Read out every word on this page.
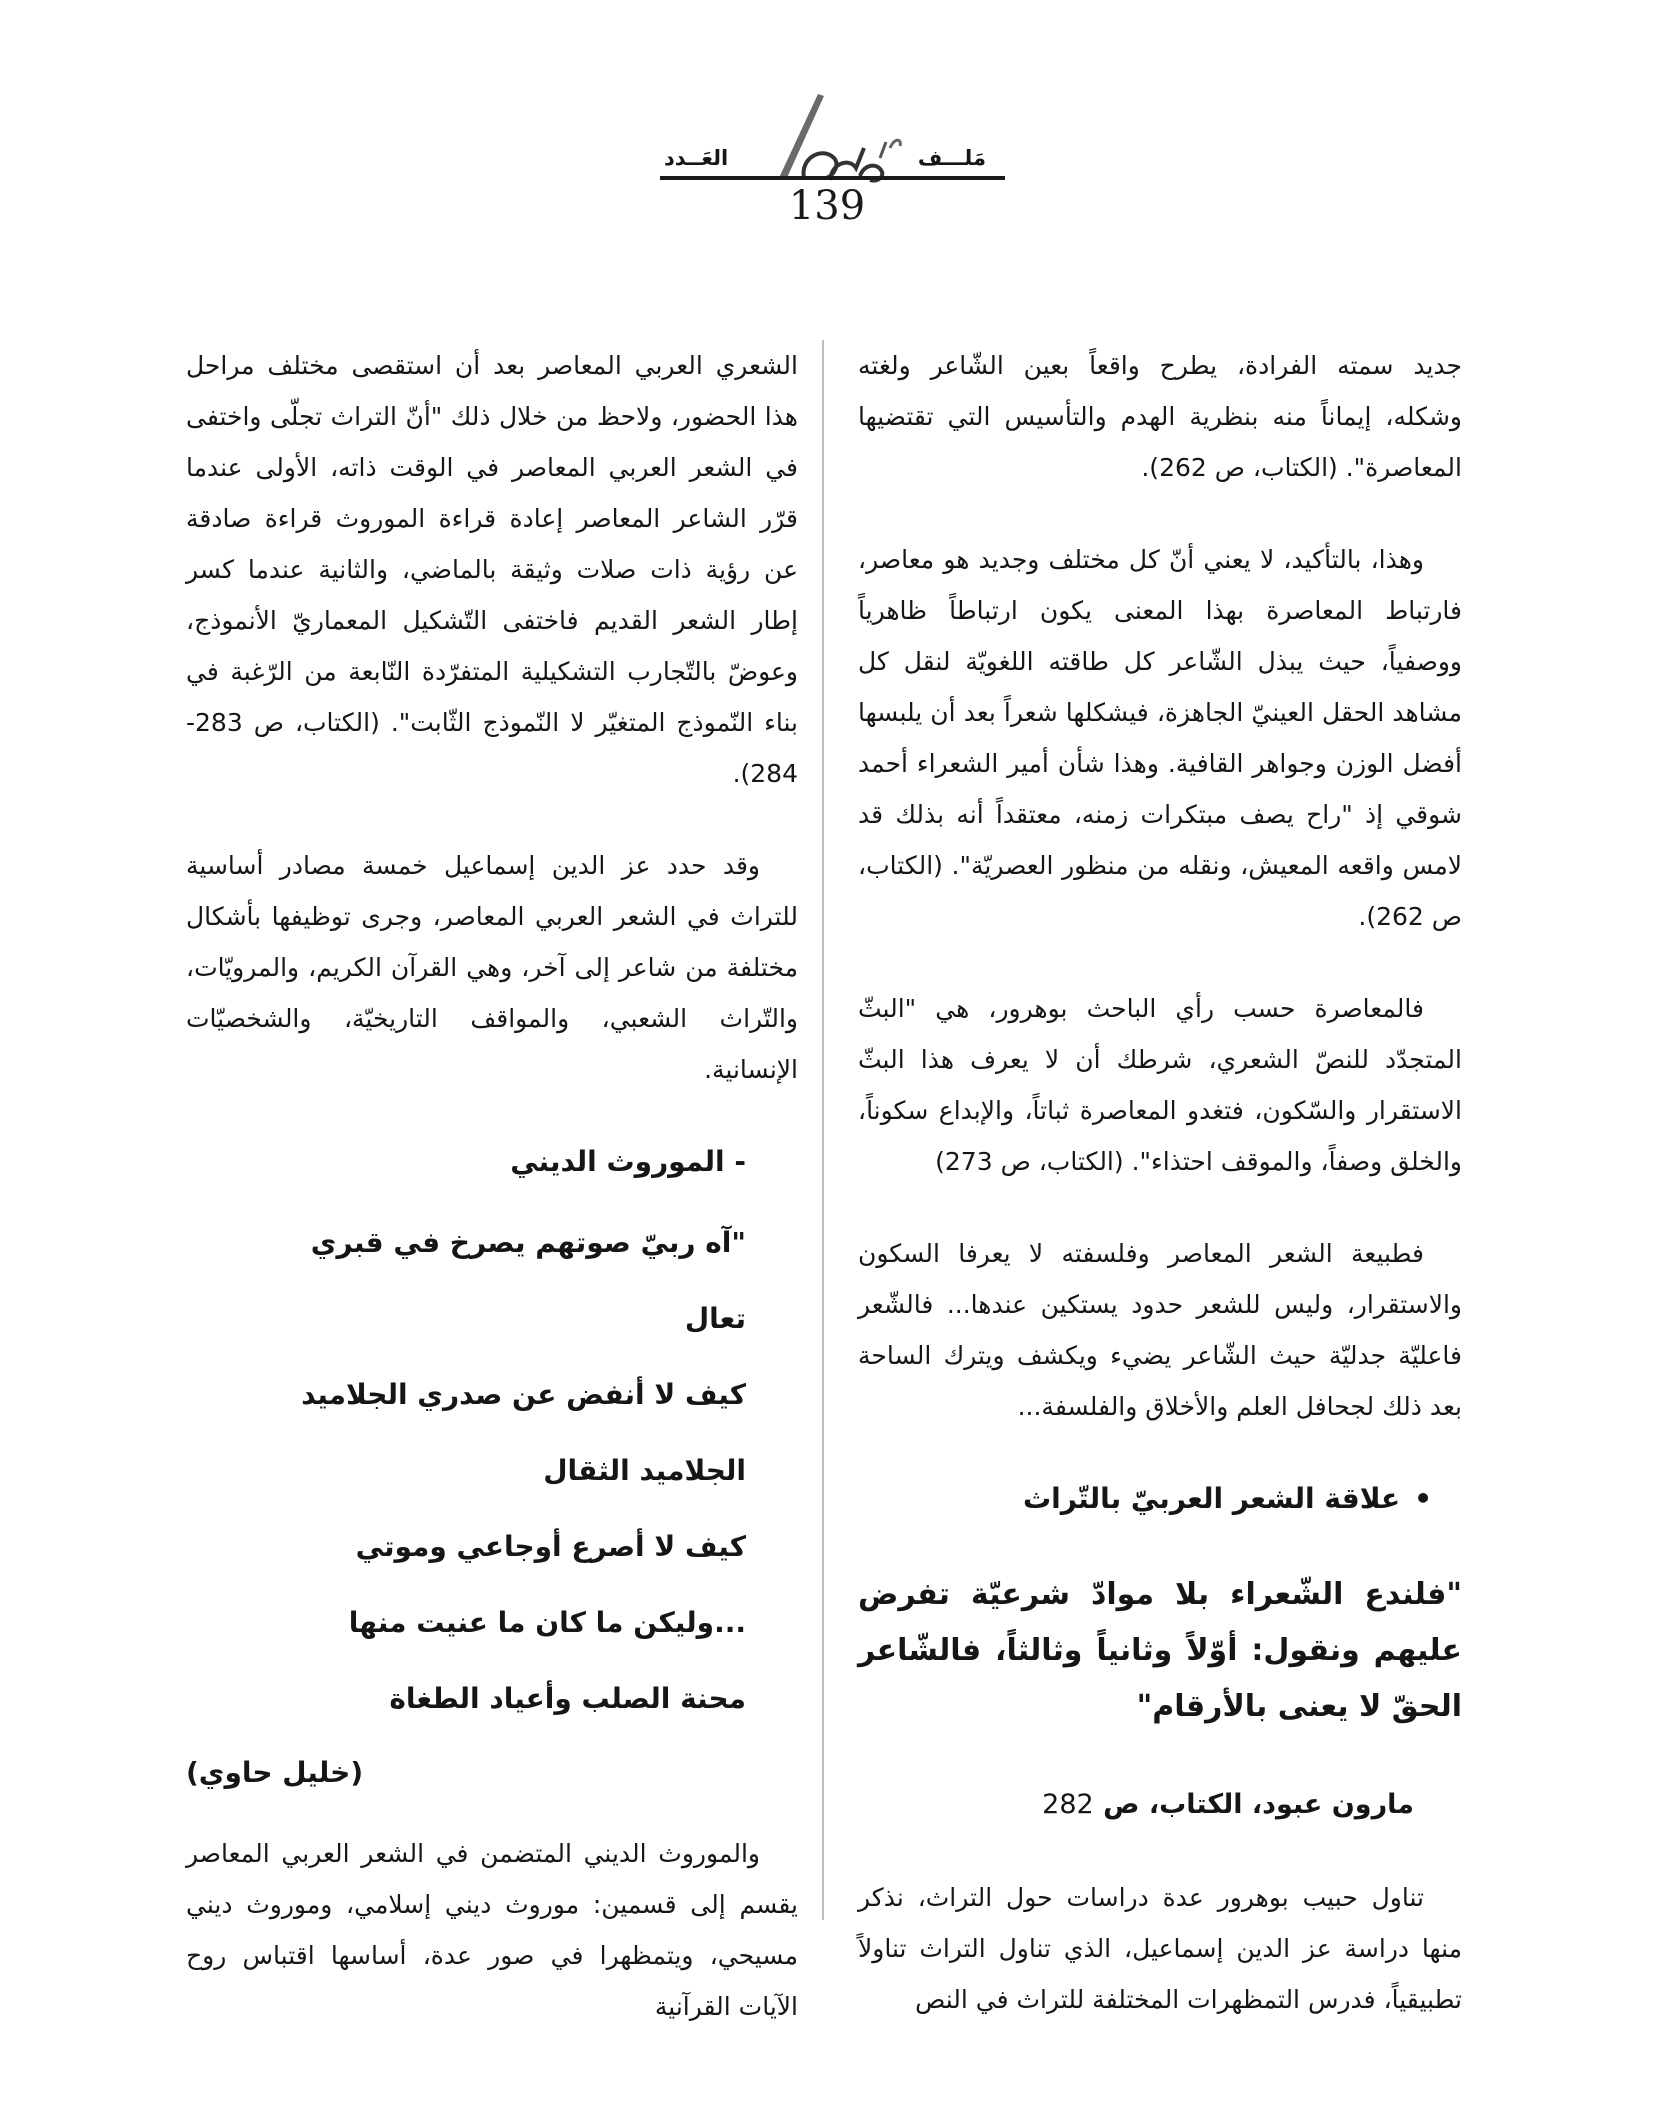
مَلـــف
العَــدد
139

جديد سمته الفرادة، يطرح واقعاً بعين الشّاعر ولغته وشكله، إيماناً منه بنظرية الهدم والتأسيس التي تقتضيها المعاصرة". (الكتاب، ص 262).

وهذا، بالتأكيد، لا يعني أنّ كل مختلف وجديد هو معاصر، فارتباط المعاصرة بهذا المعنى يكون ارتباطاً ظاهرياً ووصفياً، حيث يبذل الشّاعر كل طاقته اللغويّة لنقل كل مشاهد الحقل العينيّ الجاهزة، فيشكلها شعراً بعد أن يلبسها أفضل الوزن وجواهر القافية. وهذا شأن أمير الشعراء أحمد شوقي إذ "راح يصف مبتكرات زمنه، معتقداً أنه بذلك قد لامس واقعه المعيش، ونقله من منظور العصريّة". (الكتاب، ص 262).

فالمعاصرة حسب رأي الباحث بوهرور، هي "البثّ المتجدّد للنصّ الشعري، شرطك أن لا يعرف هذا البثّ الاستقرار والسّكون، فتغدو المعاصرة ثباتاً، والإبداع سكوناً، والخلق وصفاً، والموقف احتذاء". (الكتاب، ص 273)

فطبيعة الشعر المعاصر وفلسفته لا يعرفا السكون والاستقرار، وليس للشعر حدود يستكين عندها... فالشّعر فاعليّة جدليّة حيث الشّاعر يضيء ويكشف ويترك الساحة بعد ذلك لجحافل العلم والأخلاق والفلسفة...

•علاقة الشعر العربيّ بالتّراث
"فلندع الشّعراء بلا موادّ شرعيّة تفرض عليهم ونقول: أوّلاً وثانياً وثالثاً، فالشّاعر الحقّ لا يعنى بالأرقام"
مارون عبود، الكتاب، ص 282

تناول حبيب بوهرور عدة دراسات حول التراث، نذكر منها دراسة عز الدين إسماعيل، الذي تناول التراث تناولاً تطبيقياً، فدرس التمظهرات المختلفة للتراث في النص

الشعري العربي المعاصر بعد أن استقصى مختلف مراحل هذا الحضور، ولاحظ من خلال ذلك "أنّ التراث تجلّى واختفى في الشعر العربي المعاصر في الوقت ذاته، الأولى عندما قرّر الشاعر المعاصر إعادة قراءة الموروث قراءة صادقة عن رؤية ذات صلات وثيقة بالماضي، والثانية عندما كسر إطار الشعر القديم فاختفى التّشكيل المعماريّ الأنموذج، وعوضّ بالتّجارب التشكيلية المتفرّدة النّابعة من الرّغبة في بناء النّموذج المتغيّر لا النّموذج الثّابت". (الكتاب، ص 283-284).

وقد حدد عز الدين إسماعيل خمسة مصادر أساسية للتراث في الشعر العربي المعاصر، وجرى توظيفها بأشكال مختلفة من شاعر إلى آخر، وهي القرآن الكريم، والمرويّات، والتّراث الشعبي، والمواقف التاريخيّة، والشخصيّات الإنسانية.

- الموروث الديني
"آه ربيّ صوتهم يصرخ في قبري
تعال
كيف لا أنفض عن صدري الجلاميد
الجلاميد الثقال
كيف لا أصرع أوجاعي وموتي
...وليكن ما كان ما عنيت منها
محنة الصلب وأعياد الطغاة
(خليل حاوي)

والموروث الديني المتضمن في الشعر العربي المعاصر يقسم إلى قسمين: موروث ديني إسلامي، وموروث ديني مسيحي، ويتمظهرا في صور عدة، أساسها اقتباس روح الآيات القرآنية
